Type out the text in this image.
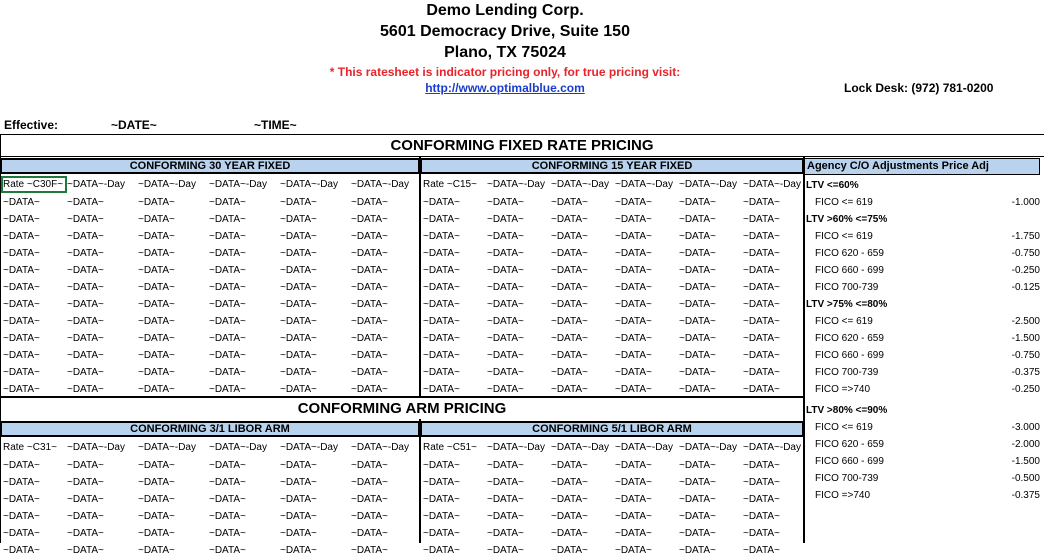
Demo Lending Corp.
5601 Democracy Drive, Suite 150
Plano, TX 75024
* This ratesheet is indicator pricing only, for true pricing visit:
http://www.optimalblue.com	Lock Desk: (972) 781-0200
Effective:	~DATE~	~TIME~
CONFORMING FIXED RATE PRICING
CONFORMING ARM PRICING
CONFORMING 30 YEAR FIXED	CONFORMING 15 YEAR FIXED
CONFORMING 3/1 LIBOR ARM	CONFORMING 5/1 LIBOR ARM
Agency C/O Adjustments Price Adj
Rate ~C30F~ ~DATA~-Day	~DATA~-Day	~DATA~-Day	~DATA~-Day	~DATA~-Day
~DATA~	~DATA~	~DATA~	~DATA~	~DATA~	~DATA~
~DATA~	~DATA~	~DATA~	~DATA~	~DATA~	~DATA~
~DATA~	~DATA~	~DATA~	~DATA~	~DATA~	~DATA~
~DATA~	~DATA~	~DATA~	~DATA~	~DATA~	~DATA~
~DATA~	~DATA~	~DATA~	~DATA~	~DATA~	~DATA~
~DATA~	~DATA~	~DATA~	~DATA~	~DATA~	~DATA~
~DATA~	~DATA~	~DATA~	~DATA~	~DATA~	~DATA~
~DATA~	~DATA~	~DATA~	~DATA~	~DATA~	~DATA~
~DATA~	~DATA~	~DATA~	~DATA~	~DATA~	~DATA~
~DATA~	~DATA~	~DATA~	~DATA~	~DATA~	~DATA~
~DATA~	~DATA~	~DATA~	~DATA~	~DATA~	~DATA~
~DATA~	~DATA~	~DATA~	~DATA~	~DATA~	~DATA~
Rate ~C15~	~DATA~-Day ~DATA~-Day ~DATA~-Day ~DATA~-Day ~DATA~-Day
~DATA~	~DATA~	~DATA~	~DATA~	~DATA~	~DATA~
~DATA~	~DATA~	~DATA~	~DATA~	~DATA~	~DATA~
~DATA~	~DATA~	~DATA~	~DATA~	~DATA~	~DATA~
~DATA~	~DATA~	~DATA~	~DATA~	~DATA~	~DATA~
~DATA~	~DATA~	~DATA~	~DATA~	~DATA~	~DATA~
~DATA~	~DATA~	~DATA~	~DATA~	~DATA~	~DATA~
~DATA~	~DATA~	~DATA~	~DATA~	~DATA~	~DATA~
~DATA~	~DATA~	~DATA~	~DATA~	~DATA~	~DATA~
~DATA~	~DATA~	~DATA~	~DATA~	~DATA~	~DATA~
~DATA~	~DATA~	~DATA~	~DATA~	~DATA~	~DATA~
~DATA~	~DATA~	~DATA~	~DATA~	~DATA~	~DATA~
~DATA~	~DATA~	~DATA~	~DATA~	~DATA~	~DATA~
Rate ~C31~	~DATA~-Day	~DATA~-Day	~DATA~-Day	~DATA~-Day	~DATA~-Day
~DATA~	~DATA~	~DATA~	~DATA~	~DATA~	~DATA~
~DATA~	~DATA~	~DATA~	~DATA~	~DATA~	~DATA~
~DATA~	~DATA~	~DATA~	~DATA~	~DATA~	~DATA~
~DATA~	~DATA~	~DATA~	~DATA~	~DATA~	~DATA~
~DATA~	~DATA~	~DATA~	~DATA~	~DATA~	~DATA~
~DATA~	~DATA~	~DATA~	~DATA~	~DATA~	~DATA~
Rate ~C51~	~DATA~-Day ~DATA~-Day ~DATA~-Day ~DATA~-Day ~DATA~-Day
~DATA~	~DATA~	~DATA~	~DATA~	~DATA~	~DATA~
~DATA~	~DATA~	~DATA~	~DATA~	~DATA~	~DATA~
~DATA~	~DATA~	~DATA~	~DATA~	~DATA~	~DATA~
~DATA~	~DATA~	~DATA~	~DATA~	~DATA~	~DATA~
~DATA~	~DATA~	~DATA~	~DATA~	~DATA~	~DATA~
~DATA~	~DATA~	~DATA~	~DATA~	~DATA~	~DATA~
LTV <=60%
FICO <= 619	-1.000
LTV >60% <=75%
FICO <= 619	-1.750
FICO 620 - 659	-0.750
FICO 660 - 699	-0.250
FICO 700-739	-0.125
LTV >75% <=80%
FICO <= 619	-2.500
FICO 620 - 659	-1.500
FICO 660 - 699	-0.750
FICO 700-739	-0.375
FICO =>740	-0.250
LTV >80% <=90%
FICO <= 619	-3.000
FICO 620 - 659	-2.000
FICO 660 - 699	-1.500
FICO 700-739	-0.500
FICO =>740	-0.375
